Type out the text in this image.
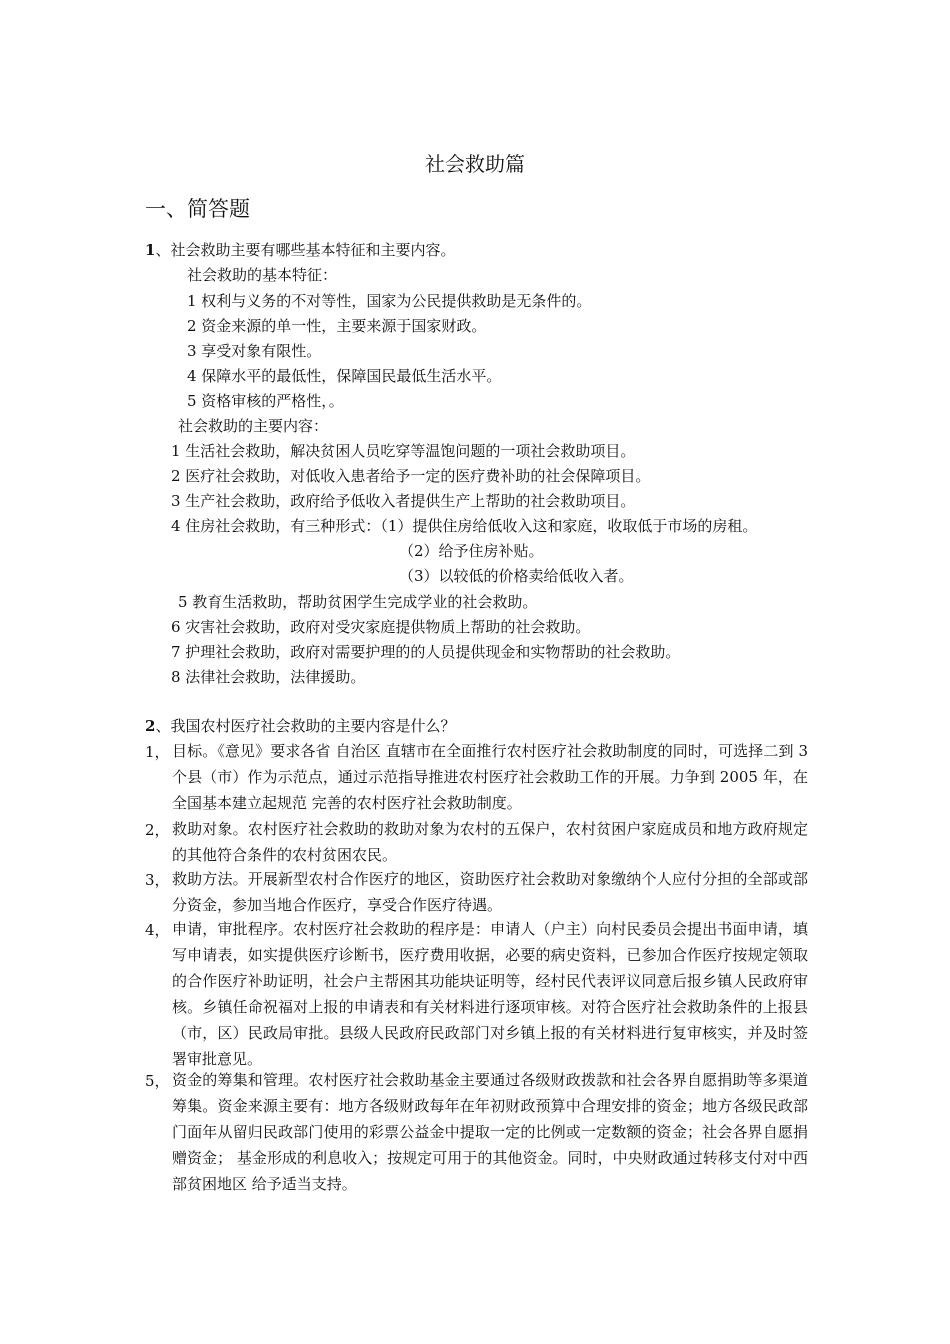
社会救助篇
一、简答题
1、社会救助主要有哪些基本特征和主要内容。
社会救助的基本特征：
1 权利与义务的不对等性，国家为公民提供救助是无条件的。
2 资金来源的单一性，主要来源于国家财政。
3 享受对象有限性。
4 保障水平的最低性，保障国民最低生活水平。
5 资格审核的严格性，。
社会救助的主要内容：
1 生活社会救助，解决贫困人员吃穿等温饱问题的一项社会救助项目。
2 医疗社会救助，对低收入患者给予一定的医疗费补助的社会保障项目。
3 生产社会救助，政府给予低收入者提供生产上帮助的社会救助项目。
4 住房社会救助，有三种形式：（1）提供住房给低收入这和家庭，收取低于市场的房租。
（2）给予住房补贴。
（3）以较低的价格卖给低收入者。
5 教育生活救助，帮助贫困学生完成学业的社会救助。
6 灾害社会救助，政府对受灾家庭提供物质上帮助的社会救助。
7 护理社会救助，政府对需要护理的的人员提供现金和实物帮助的社会救助。
8 法律社会救助，法律援助。
2、我国农村医疗社会救助的主要内容是什么？
1， 目标。《意见》要求各省 自治区 直辖市在全面推行农村医疗社会救助制度的同时，可选择二到 3 个县（市）作为示范点，通过示范指导推进农村医疗社会救助工作的开展。力争到 2005 年，在全国基本建立起规范 完善的农村医疗社会救助制度。
2， 救助对象。农村医疗社会救助的救助对象为农村的五保户，农村贫困户家庭成员和地方政府规定的其他符合条件的农村贫困农民。
3， 救助方法。开展新型农村合作医疗的地区，资助医疗社会救助对象缴纳个人应付分担的全部或部分资金，参加当地合作医疗，享受合作医疗待遇。
4， 申请，审批程序。农村医疗社会救助的程序是：申请人（户主）向村民委员会提出书面申请，填写申请表，如实提供医疗诊断书，医疗费用收据，必要的病史资料，已参加合作医疗按规定领取的合作医疗补助证明，社会户主帮困其功能块证明等，经村民代表评议同意后报乡镇人民政府审核。乡镇任命祝福对上报的申请表和有关材料进行逐项审核。对符合医疗社会救助条件的上报县（市，区）民政局审批。县级人民政府民政部门对乡镇上报的有关材料进行复审核实，并及时签署审批意见。
5， 资金的筹集和管理。农村医疗社会救助基金主要通过各级财政拨款和社会各界自愿捐助等多渠道筹集。资金来源主要有：地方各级财政每年在年初财政预算中合理安排的资金；地方各级民政部门面年从留归民政部门使用的彩票公益金中提取一定的比例或一定数额的资金；社会各界自愿捐赠资金； 基金形成的利息收入；按规定可用于的其他资金。同时，中央财政通过转移支付对中西部贫困地区 给予适当支持。
